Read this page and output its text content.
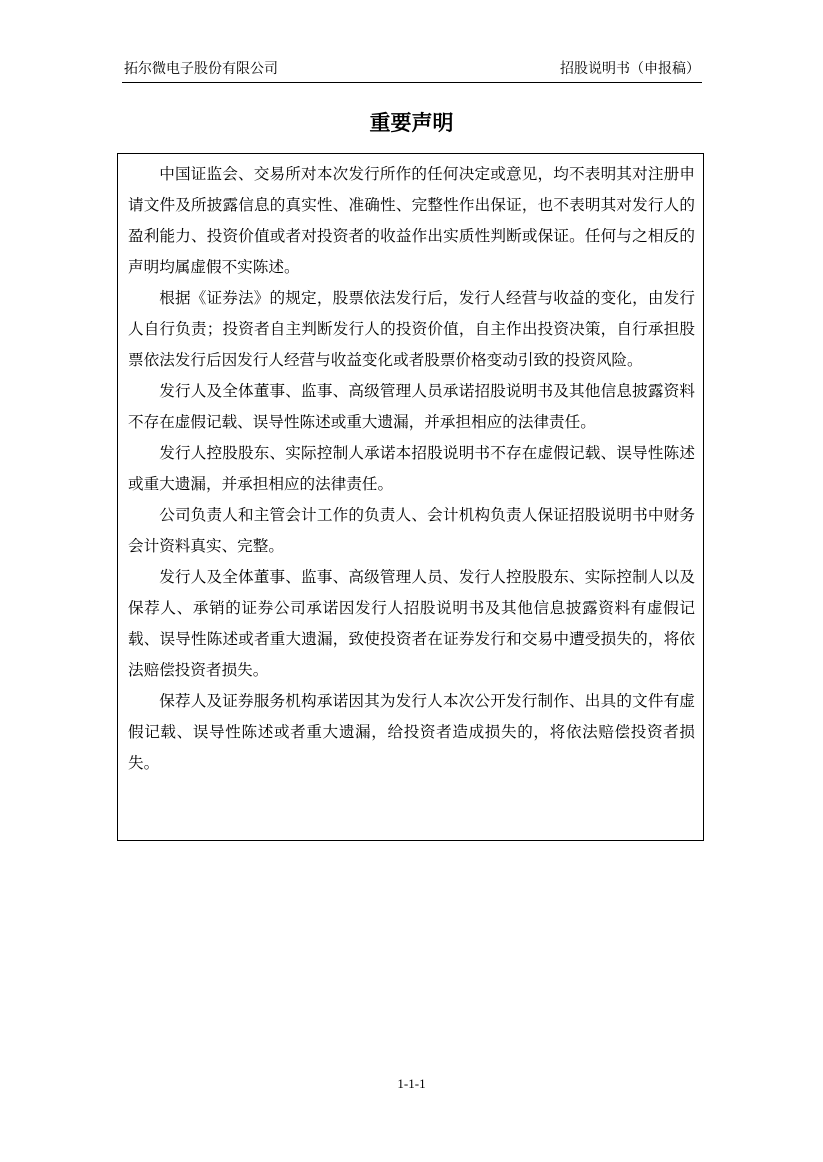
拓尔微电子股份有限公司	招股说明书（申报稿）
重要声明

中国证监会、交易所对本次发行所作的任何决定或意见，均不表明其对注册申请文件及所披露信息的真实性、准确性、完整性作出保证，也不表明其对发行人的盈利能力、投资价值或者对投资者的收益作出实质性判断或保证。任何与之相反的声明均属虚假不实陈述。

根据《证券法》的规定，股票依法发行后，发行人经营与收益的变化，由发行人自行负责；投资者自主判断发行人的投资价值，自主作出投资决策，自行承担股票依法发行后因发行人经营与收益变化或者股票价格变动引致的投资风险。

发行人及全体董事、监事、高级管理人员承诺招股说明书及其他信息披露资料不存在虚假记载、误导性陈述或重大遗漏，并承担相应的法律责任。

发行人控股股东、实际控制人承诺本招股说明书不存在虚假记载、误导性陈述或重大遗漏，并承担相应的法律责任。

公司负责人和主管会计工作的负责人、会计机构负责人保证招股说明书中财务会计资料真实、完整。

发行人及全体董事、监事、高级管理人员、发行人控股股东、实际控制人以及保荐人、承销的证券公司承诺因发行人招股说明书及其他信息披露资料有虚假记载、误导性陈述或者重大遗漏，致使投资者在证券发行和交易中遭受损失的，将依法赔偿投资者损失。

保荐人及证券服务机构承诺因其为发行人本次公开发行制作、出具的文件有虚假记载、误导性陈述或者重大遗漏，给投资者造成损失的，将依法赔偿投资者损失。

1-1-1
